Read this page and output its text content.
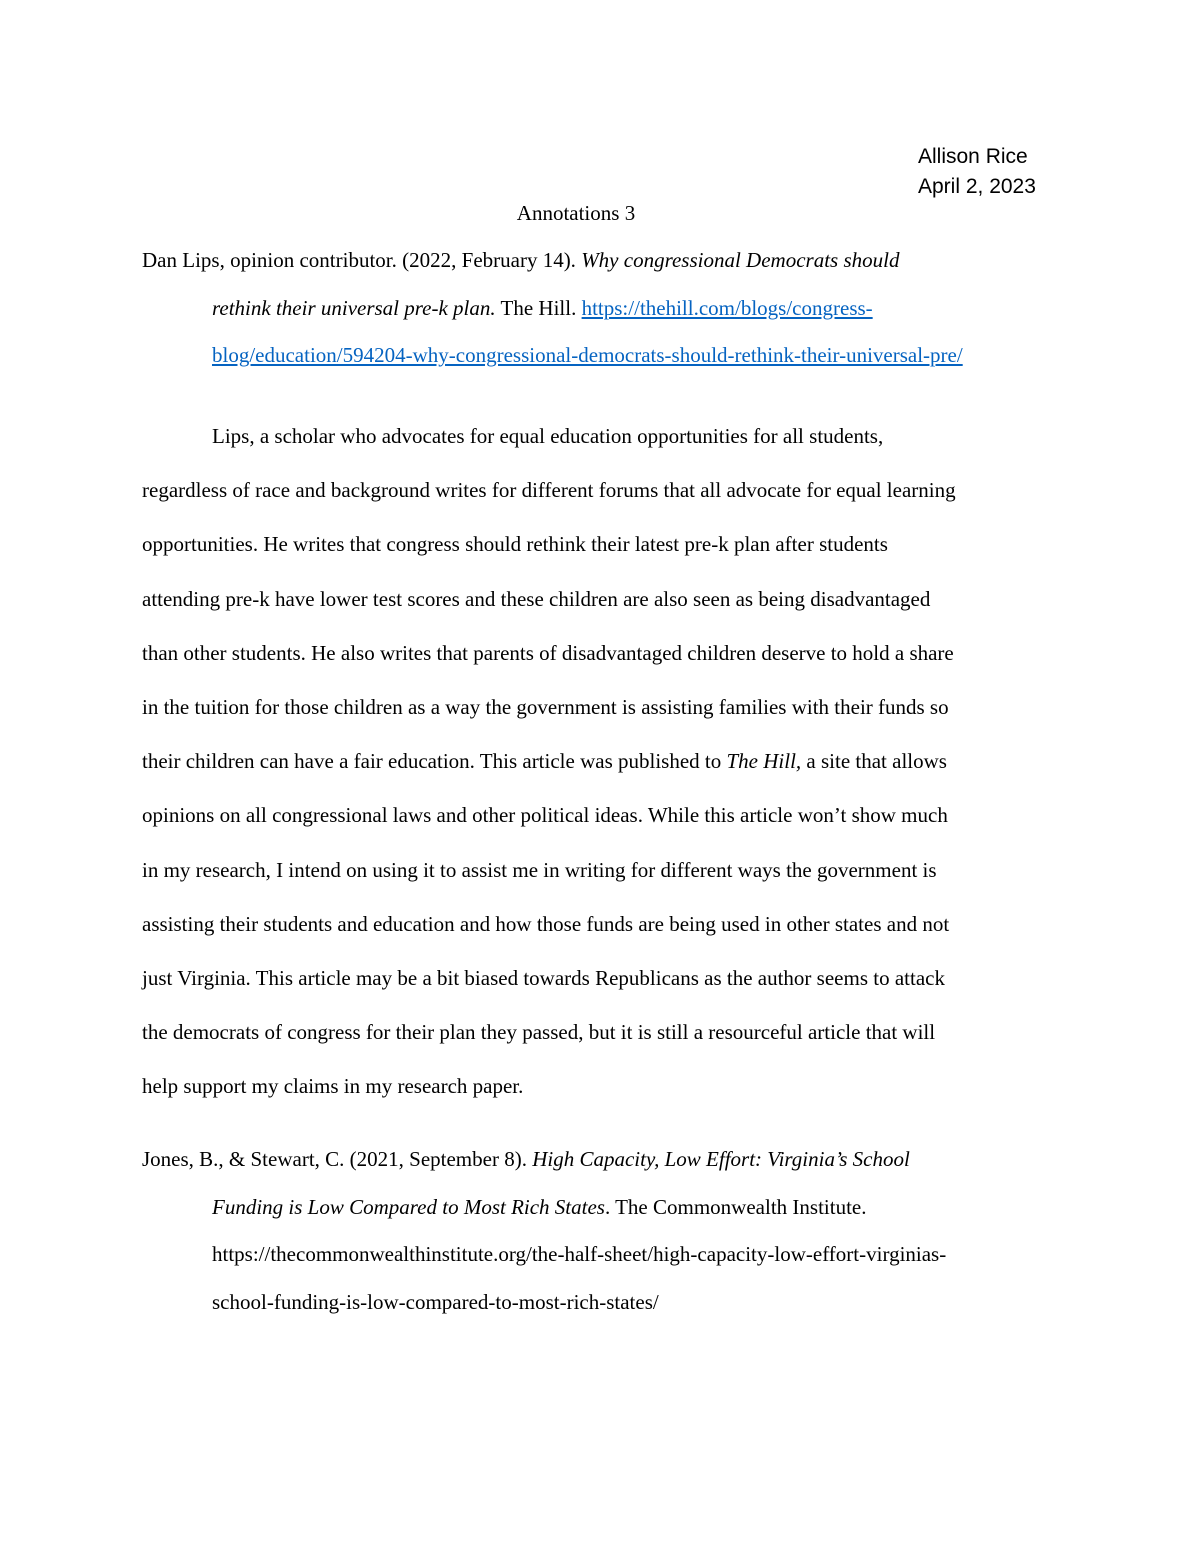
Allison Rice
April 2, 2023
Annotations 3
Dan Lips, opinion contributor. (2022, February 14). Why congressional Democrats should
rethink their universal pre-k plan. The Hill. https://thehill.com/blogs/congress-
blog/education/594204-why-congressional-democrats-should-rethink-their-universal-pre/
Lips, a scholar who advocates for equal education opportunities for all students,
regardless of race and background writes for different forums that all advocate for equal learning
opportunities. He writes that congress should rethink their latest pre-k plan after students
attending pre-k have lower test scores and these children are also seen as being disadvantaged
than other students. He also writes that parents of disadvantaged children deserve to hold a share
in the tuition for those children as a way the government is assisting families with their funds so
their children can have a fair education. This article was published to The Hill, a site that allows
opinions on all congressional laws and other political ideas. While this article won’t show much
in my research, I intend on using it to assist me in writing for different ways the government is
assisting their students and education and how those funds are being used in other states and not
just Virginia. This article may be a bit biased towards Republicans as the author seems to attack
the democrats of congress for their plan they passed, but it is still a resourceful article that will
help support my claims in my research paper.
Jones, B., & Stewart, C. (2021, September 8). High Capacity, Low Effort: Virginia’s School
Funding is Low Compared to Most Rich States. The Commonwealth Institute.
https://thecommonwealthinstitute.org/the-half-sheet/high-capacity-low-effort-virginias-
school-funding-is-low-compared-to-most-rich-states/
